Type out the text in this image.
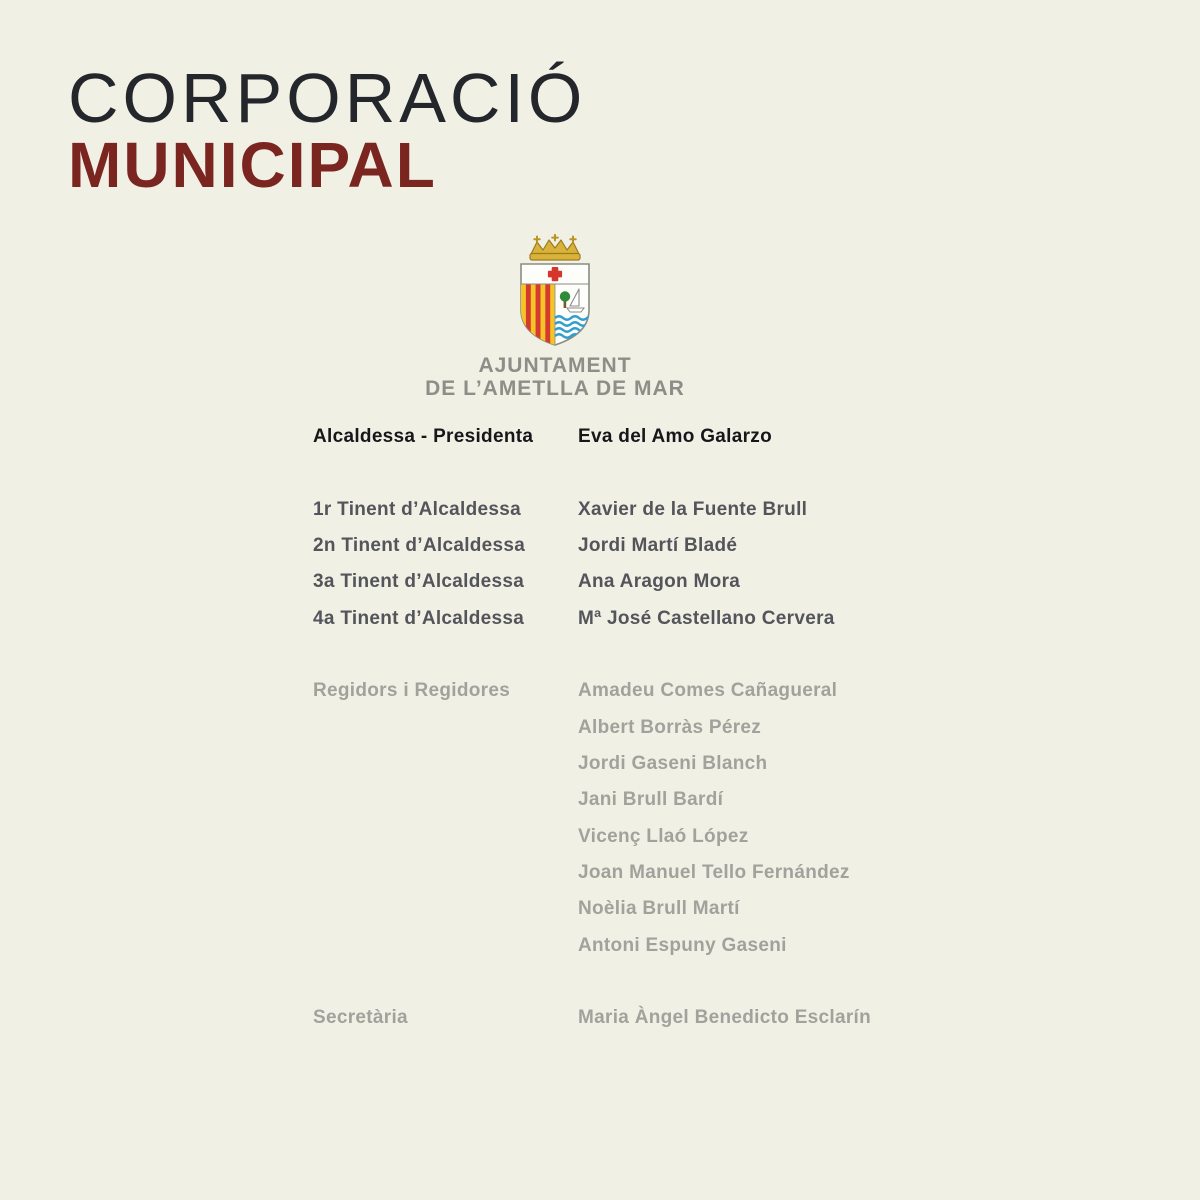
CORPORACIÓ
MUNICIPAL
AJUNTAMENT
DE L’AMETLLA DE MAR
Alcaldessa - Presidenta	Eva del Amo Galarzo
1r Tinent d’Alcaldessa	Xavier de la Fuente Brull
2n Tinent d’Alcaldessa	Jordi Martí Bladé
3a Tinent d’Alcaldessa	Ana Aragon Mora
4a Tinent d’Alcaldessa	Mª José Castellano Cervera
Regidors i Regidores	Amadeu Comes Cañagueral
Albert Borràs Pérez
Jordi Gaseni Blanch
Jani Brull Bardí
Vicenç Llaó López
Joan Manuel Tello Fernández
Noèlia Brull Martí
Antoni Espuny Gaseni
Secretària	Maria Àngel Benedicto Esclarín
